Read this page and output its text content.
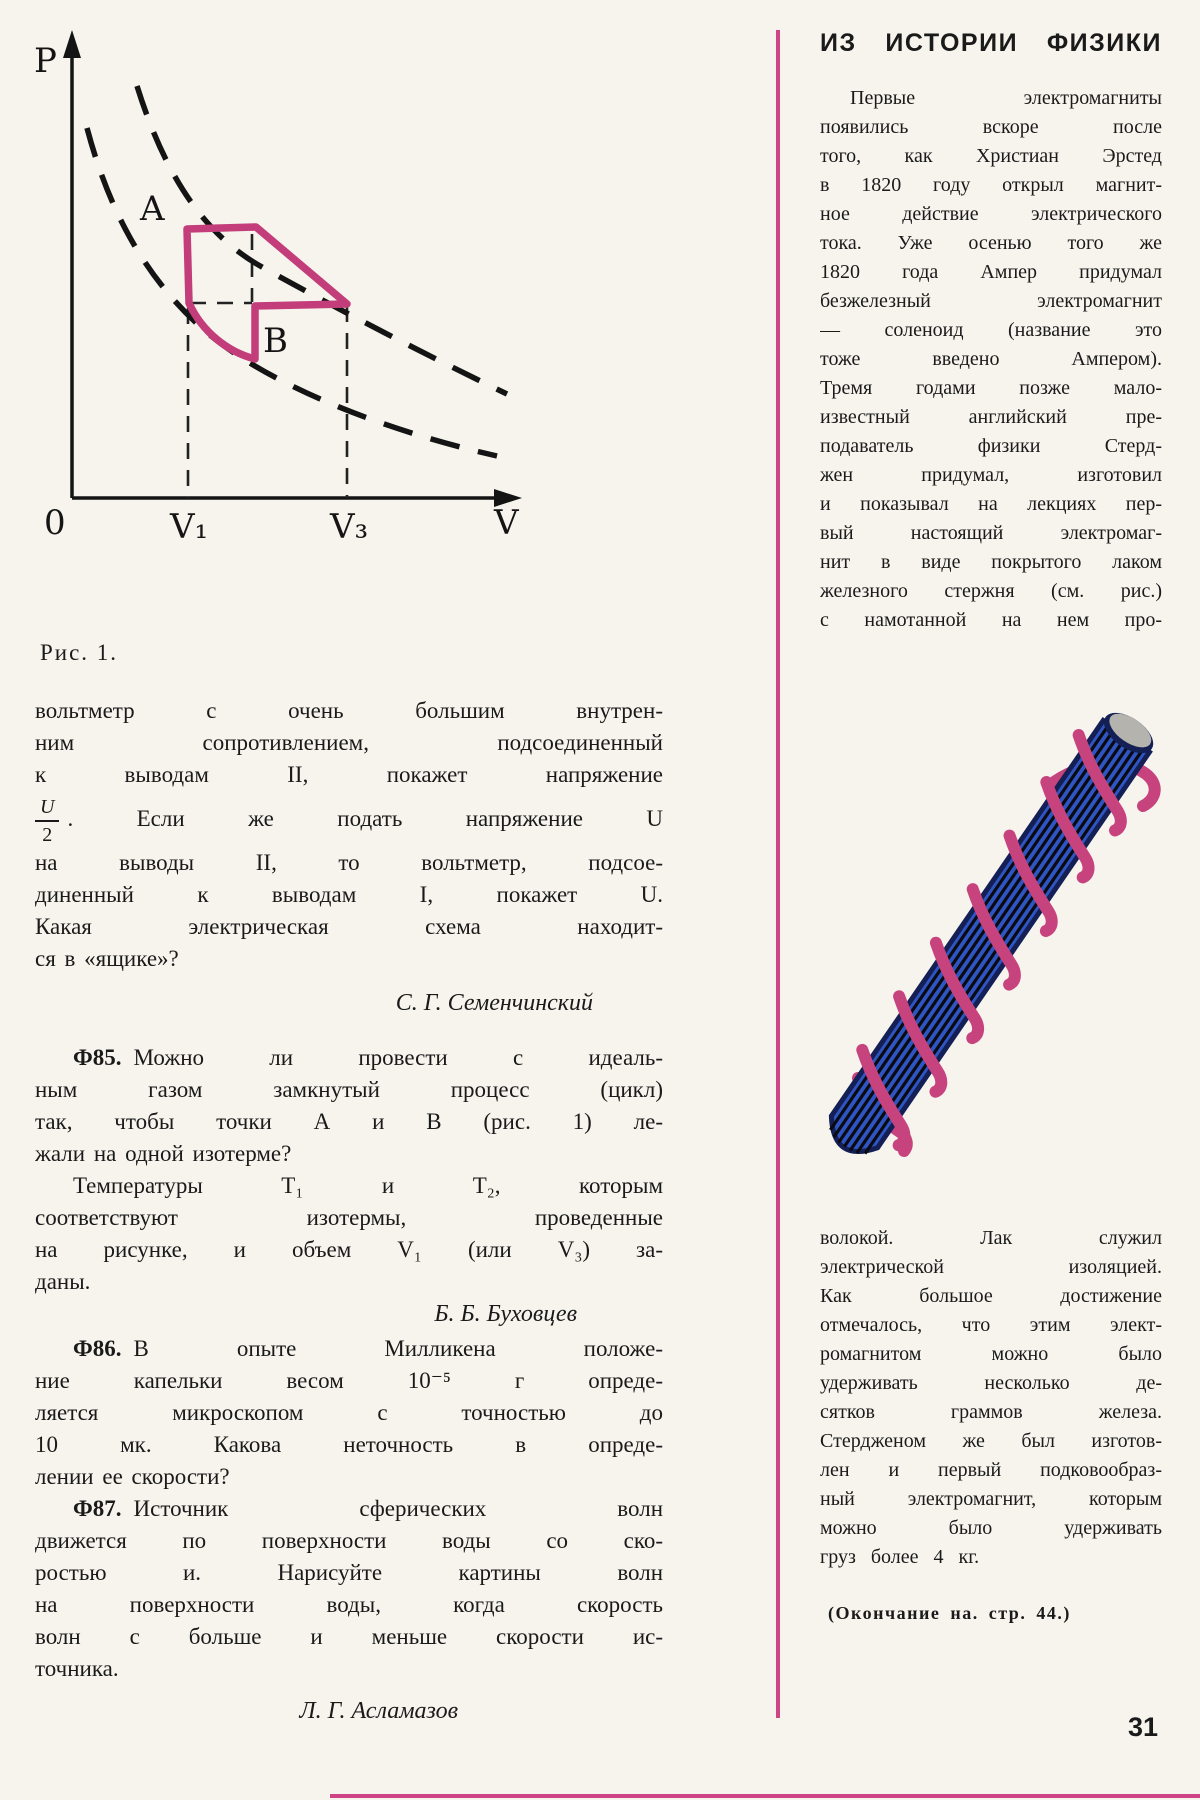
P
0	V₁	V₃	V
A
B
Рис. 1.
вольтметр с очень большим внутрен-
ним сопротивлением, подсоединенный
к выводам II, покажет напряжение
$\frac{U}{2}$ . Если же подать напряжение U
на выводы II, то вольтметр, подсое-
диненный к выводам I, покажет U.
Какая электрическая схема находит-
ся в «ящике»?
С. Г. Семенчинский
Ф85. Можно ли провести с идеаль-
ным газом замкнутый процесс (цикл)
так, чтобы точки А и В (рис. 1) ле-
жали на одной изотерме?
Температуры T₁ и T₂, которым
соответствуют изотермы, проведенные
на рисунке, и объем V₁ (или V₃) за-
даны.
Б. Б. Буховцев
Ф86. В опыте Милликена положе-
ние капельки весом 10⁻⁵ г опреде-
ляется микроскопом с точностью до
10 мк. Какова неточность в опреде-
лении ее скорости?
Ф87. Источник сферических волн
движется по поверхности воды со ско-
ростью и. Нарисуйте картины волн
на поверхности воды, когда скорость
волн с больше и меньше скорости ис-
точника.
Л. Г. Асламазов
ИЗ ИСТОРИИ ФИЗИКИ
Первые электромагниты
появились вскоре после
того, как Христиан Эрстед
в 1820 году открыл магнит-
ное действие электрического
тока. Уже осенью того же
1820 года Ампер придумал
безжелезный электромагнит
— соленоид (название это
тоже введено Ампером).
Тремя годами позже мало-
известный английский пре-
подаватель физики Стерд-
жен придумал, изготовил
и показывал на лекциях пер-
вый настоящий электромаг-
нит в виде покрытого лаком
железного стержня (см. рис.)
с намотанной на нем про-
волокой. Лак служил
электрической изоляцией.
Как большое достижение
отмечалось, что этим элект-
ромагнитом можно было
удерживать несколько де-
сятков граммов железа.
Стердженом же был изготов-
лен и первый подковообраз-
ный электромагнит, которым
можно было удерживать
груз более 4 кг.
(Окончание на. стр. 44.)
31
